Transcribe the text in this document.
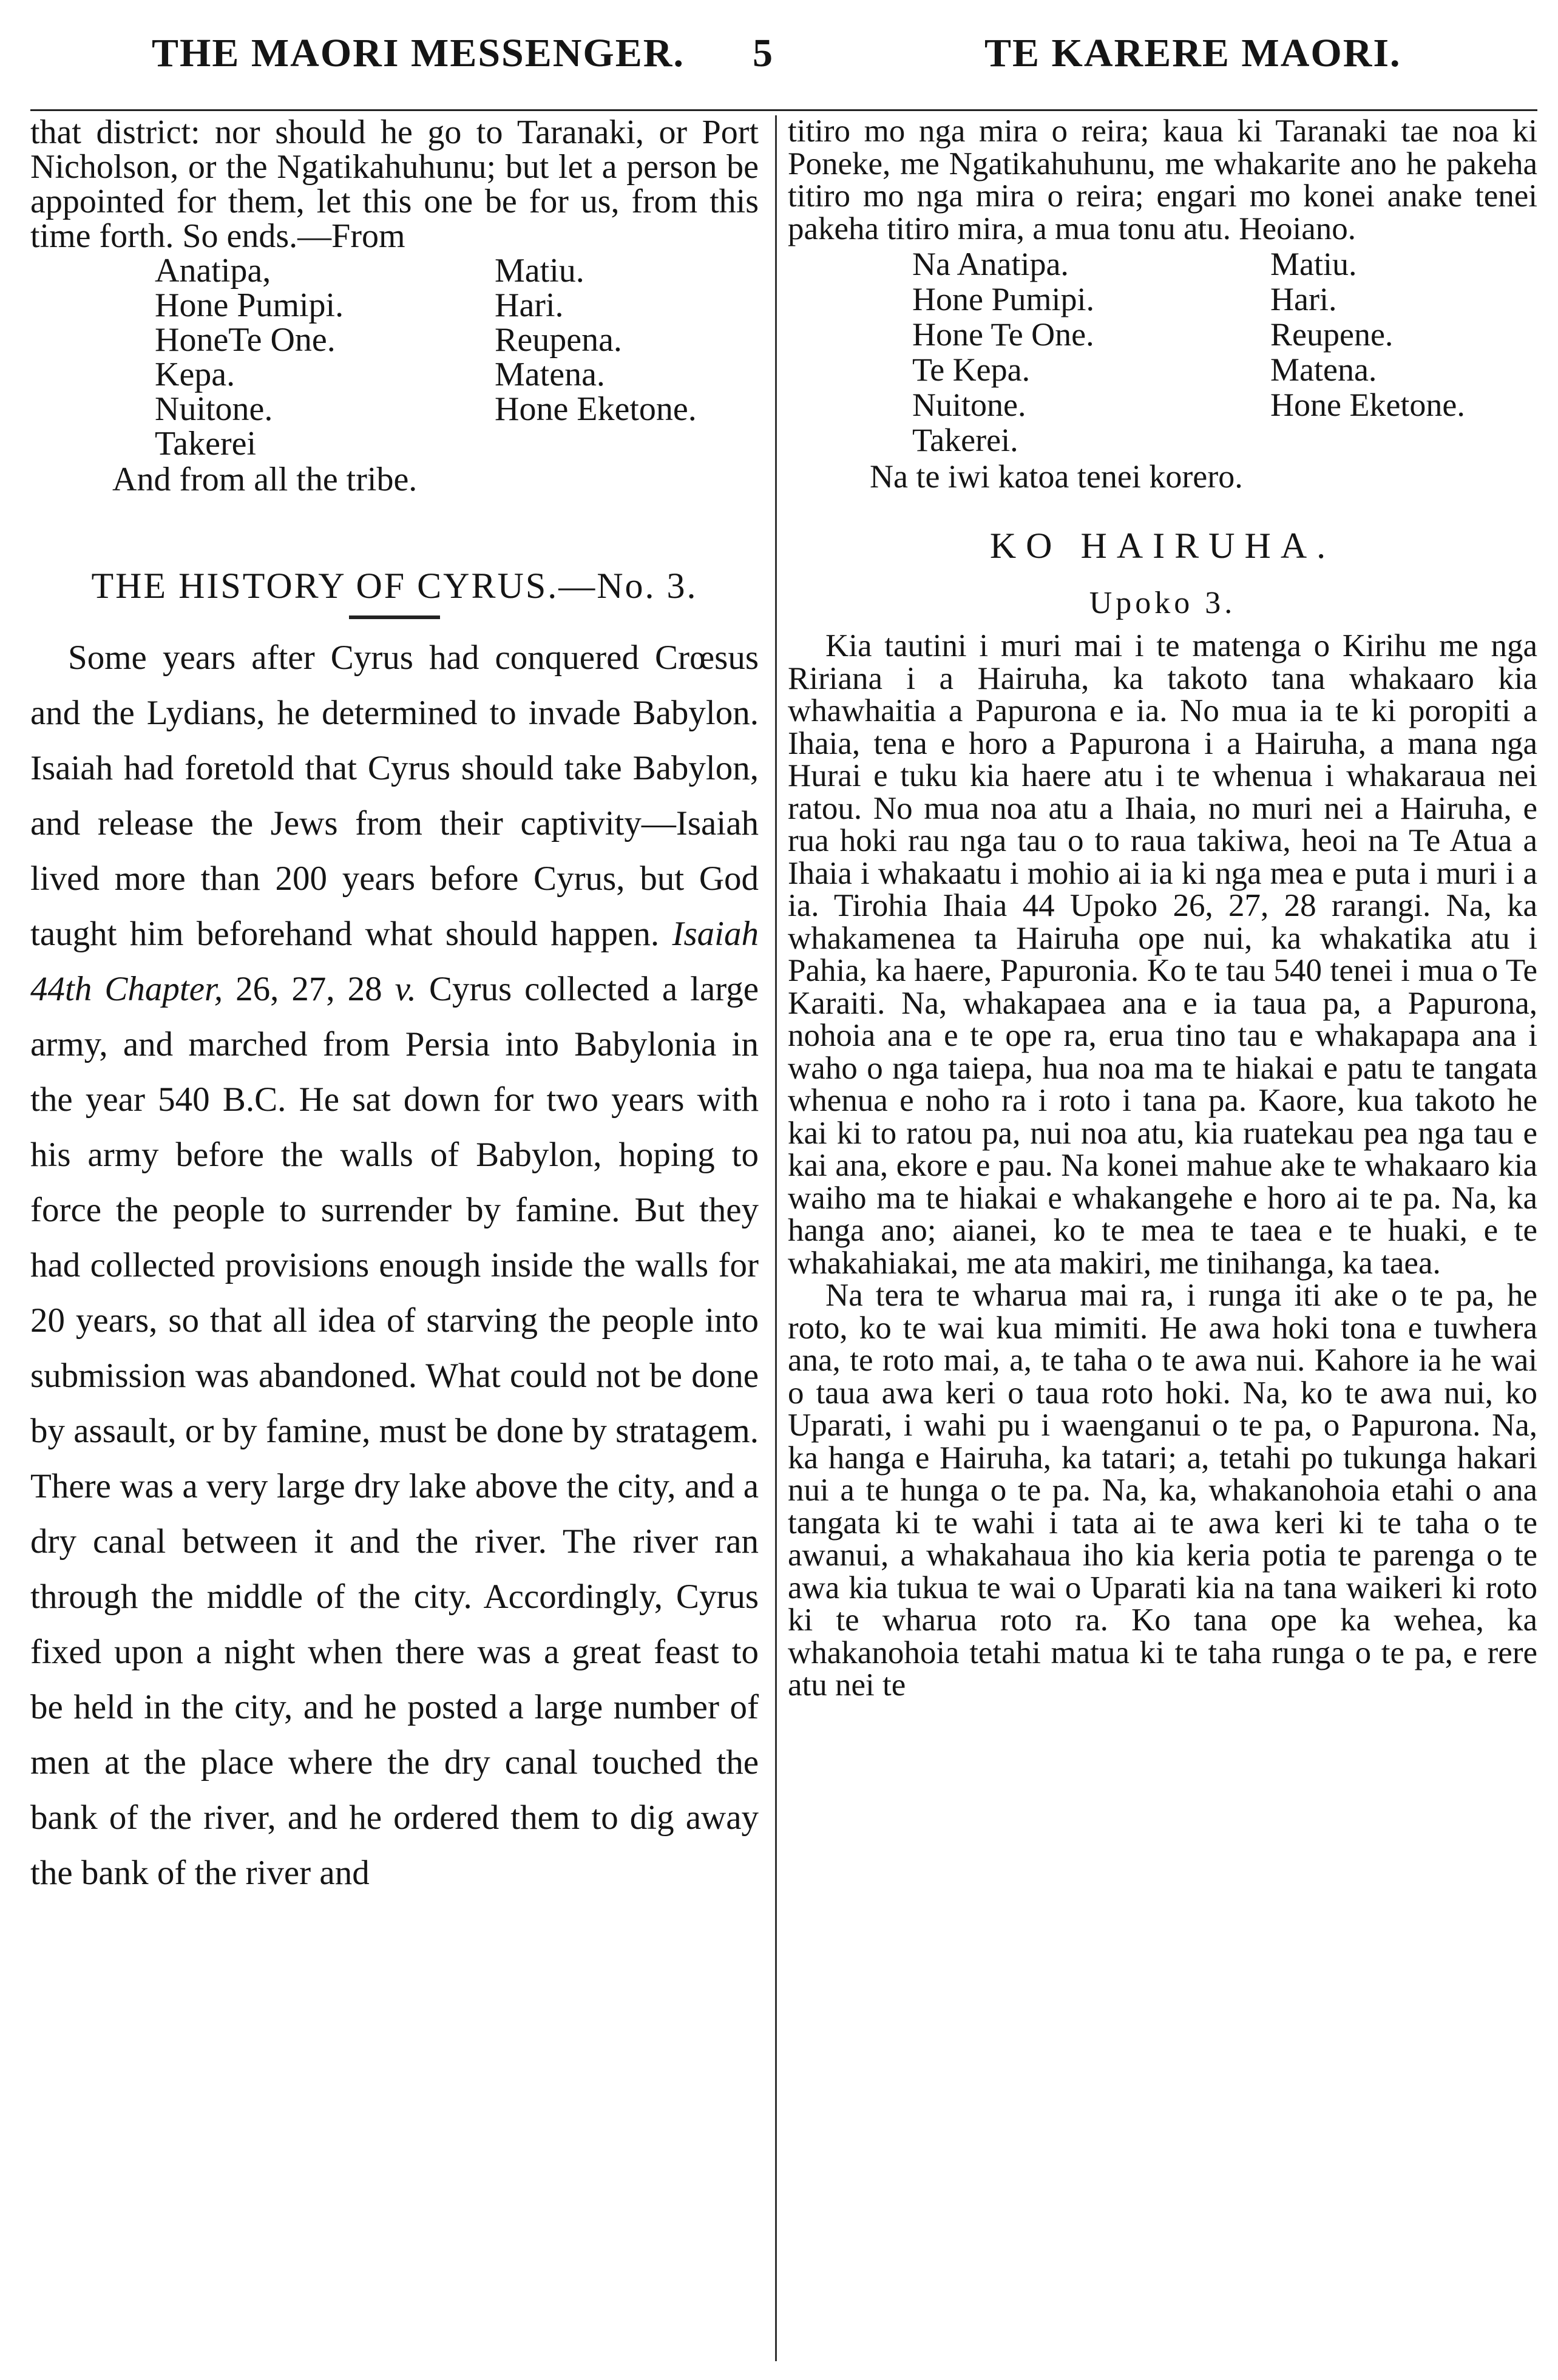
THE MAORI MESSENGER. 5	TE KARERE MAORI.

that district: nor should he go to Taranaki, or Port Nicholson, or the Ngatikahuhunu; but let a person be appointed for them, let this one be for us, from this time forth. So ends.—From

Anatipa,	Matiu.
Hone Pumipi.	Hari.
HoneTe One.	Reupena.
Kepa.	Matena.
Nuitone.	Hone Eketone.
Takerei
And from all the tribe.
THE HISTORY OF CYRUS.—No. 3.

Some years after Cyrus had conquered Crœsus and the Lydians, he determined to invade Babylon. Isaiah had foretold that Cyrus should take Babylon, and release the Jews from their captivity—Isaiah lived more than 200 years before Cyrus, but God taught him beforehand what should happen. Isaiah 44th Chapter, 26, 27, 28 v. Cyrus collected a large army, and marched from Persia into Babylonia in the year 540 B.C. He sat down for two years with his army before the walls of Babylon, hoping to force the people to surrender by famine. But they had collected provisions enough inside the walls for 20 years, so that all idea of starving the people into submission was abandoned. What could not be done by assault, or by famine, must be done by stratagem. There was a very large dry lake above the city, and a dry canal between it and the river. The river ran through the middle of the city. Accordingly, Cyrus fixed upon a night when there was a great feast to be held in the city, and he posted a large number of men at the place where the dry canal touched the bank of the river, and he ordered them to dig away the bank of the river and

titiro mo nga mira o reira; kaua ki Taranaki tae noa ki Poneke, me Ngatikahuhunu, me whakarite ano he pakeha titiro mo nga mira o reira; engari mo konei anake tenei pakeha titiro mira, a mua tonu atu. Heoiano.

Na Anatipa.	Matiu.
Hone Pumipi.	Hari.
Hone Te One.	Reupene.
Te Kepa.	Matena.
Nuitone.	Hone Eketone.
Takerei.
Na te iwi katoa tenei korero.
KO HAIRUHA.
Upoko 3.

Kia tautini i muri mai i te matenga o Kirihu me nga Ririana i a Hairuha, ka takoto tana whakaaro kia whawhaitia a Papurona e ia. No mua ia te ki poropiti a Ihaia, tena e horo a Papurona i a Hairuha, a mana nga Hurai e tuku kia haere atu i te whenua i whakaraua nei ratou. No mua noa atu a Ihaia, no muri nei a Hairuha, e rua hoki rau nga tau o to raua takiwa, heoi na Te Atua a Ihaia i whakaatu i mohio ai ia ki nga mea e puta i muri i a ia. Tirohia Ihaia 44 Upoko 26, 27, 28 rarangi. Na, ka whakamenea ta Hairuha ope nui, ka whakatika atu i Pahia, ka haere, Papuronia. Ko te tau 540 tenei i mua o Te Karaiti. Na, whakapaea ana e ia taua pa, a Papurona, nohoia ana e te ope ra, erua tino tau e whakapapa ana i waho o nga taiepa, hua noa ma te hiakai e patu te tangata whenua e noho ra i roto i tana pa. Kaore, kua takoto he kai ki to ratou pa, nui noa atu, kia ruatekau pea nga tau e kai ana, ekore e pau. Na konei mahue ake te whakaaro kia waiho ma te hiakai e whakangehe e horo ai te pa. Na, ka hanga ano; aianei, ko te mea te taea e te huaki, e te whakahiakai, me ata makiri, me tinihanga, ka taea.

Na tera te wharua mai ra, i runga iti ake o te pa, he roto, ko te wai kua mimiti. He awa hoki tona e tuwhera ana, te roto mai, a, te taha o te awa nui. Kahore ia he wai o taua awa keri o taua roto hoki. Na, ko te awa nui, ko Uparati, i wahi pu i waenganui o te pa, o Papurona. Na, ka hanga e Hairuha, ka tatari; a, tetahi po tukunga hakari nui a te hunga o te pa. Na, ka, whakanohoia etahi o ana tangata ki te wahi i tata ai te awa keri ki te taha o te awanui, a whakahaua iho kia keria potia te parenga o te awa kia tukua te wai o Uparati kia na tana waikeri ki roto ki te wharua roto ra. Ko tana ope ka wehea, ka whakanohoia tetahi matua ki te taha runga o te pa, e rere atu nei te
